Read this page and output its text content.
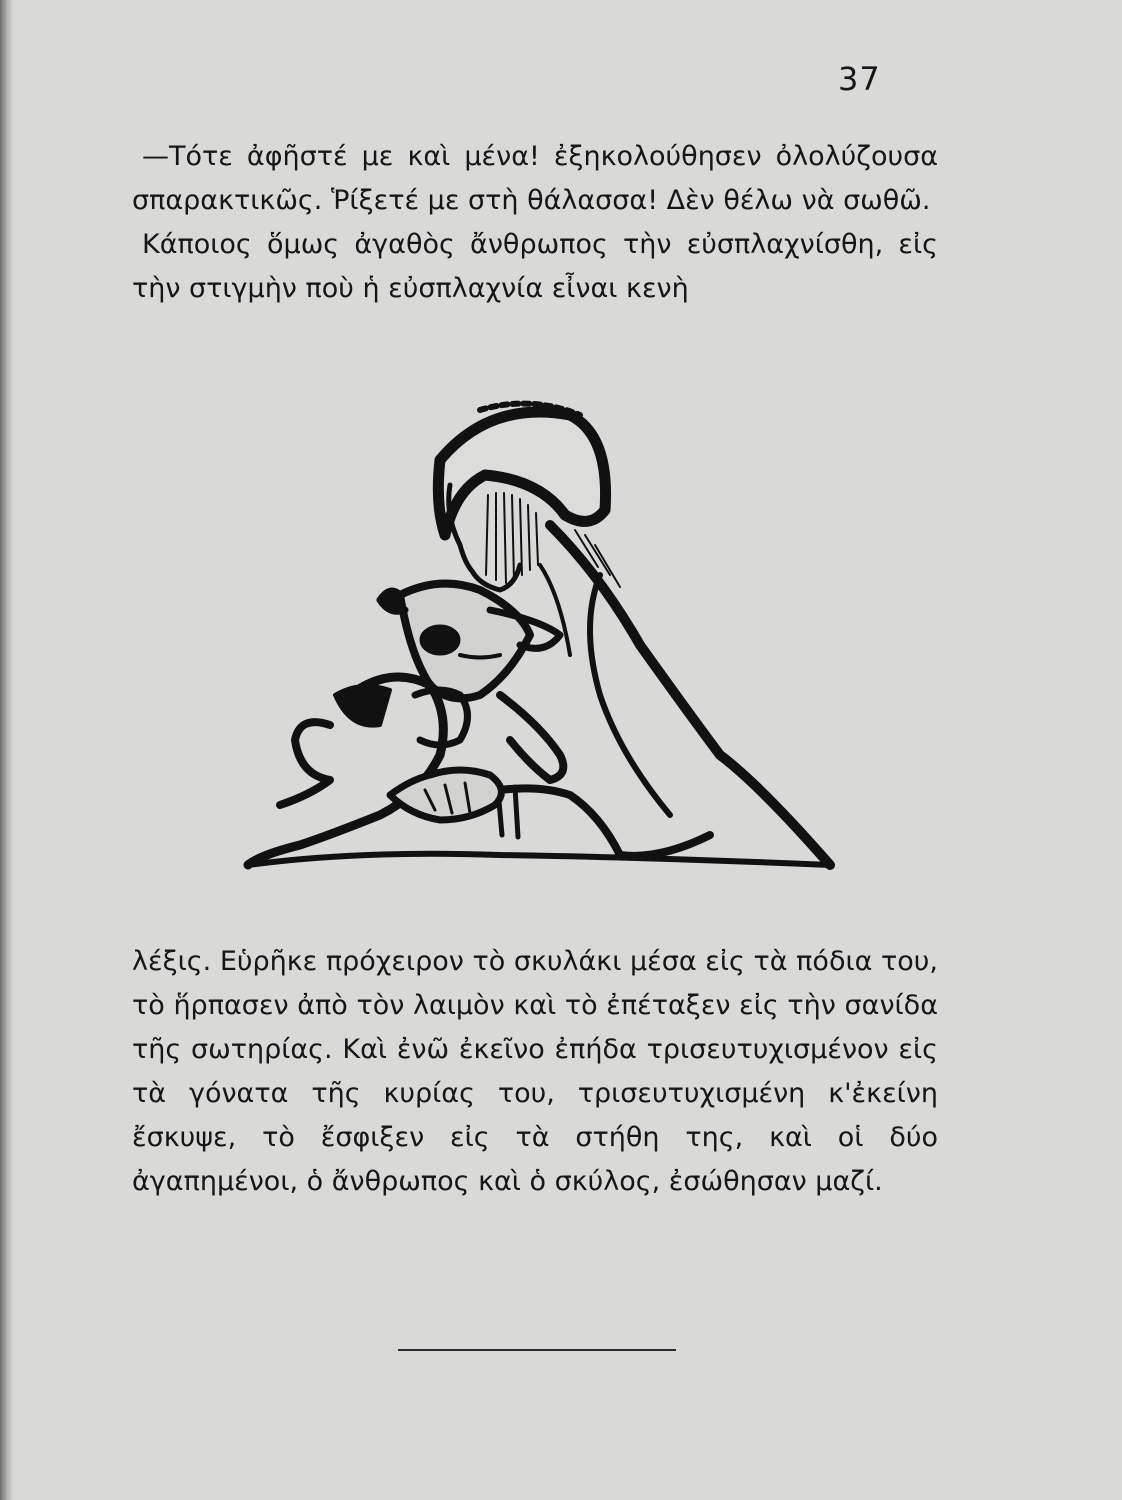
37

—Τότε ἀφῆστέ με καὶ μένα! ἐξηκολούθησεν ὀλολύζουσα σπαρακτικῶς. Ῥίξετέ με στὴ θάλασσα! Δὲν θέλω νὰ σωθῶ.

Κάποιος ὅμως ἀγαθὸς ἄνθρωπος τὴν εὐσπλαχνίσθη, εἰς τὴν στιγμὴν ποὺ ἡ εὐσπλαχνία εἶναι κενὴ

λέξις. Εὑρῆκε πρόχειρον τὸ σκυλάκι μέσα εἰς τὰ πόδια του, τὸ ἥρπασεν ἀπὸ τὸν λαιμὸν καὶ τὸ ἐπέταξεν εἰς τὴν σανίδα τῆς σωτηρίας. Καὶ ἐνῶ ἐκεῖνο ἐπήδα τρισευτυχισμένον εἰς τὰ γόνατα τῆς κυρίας του, τρισευτυχισμένη κ'ἐκείνη ἔσκυψε, τὸ ἔσφιξεν εἰς τὰ στήθη της, καὶ οἱ δύο ἀγαπημένοι, ὁ ἄνθρωπος καὶ ὁ σκύλος, ἐσώθησαν μαζί.
